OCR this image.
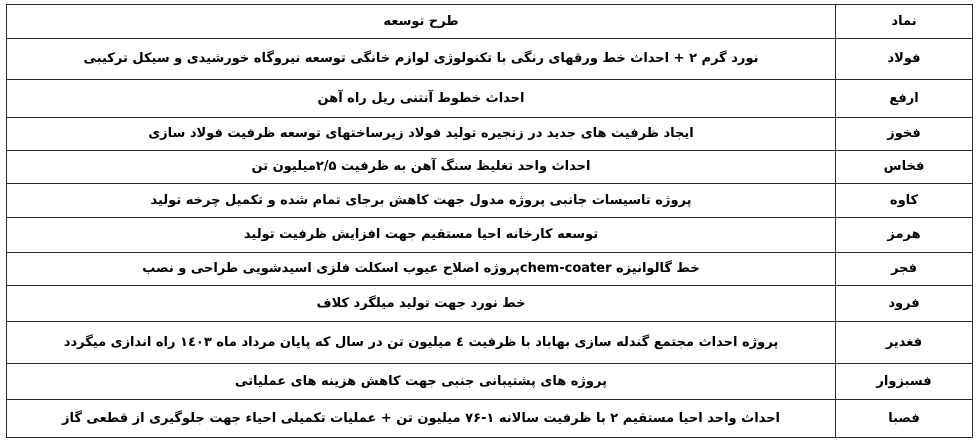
نماد	طرح توسعه
فولاد	نورد گرم ۲ + احداث خط ورقهای رنگی با تکنولوژی لوازم خانگی توسعه نیروگاه خورشیدی و سیکل ترکیبی
ارفع	احداث خطوط آنتنی ریل راه آهن
فخوز	ایجاد ظرفیت های جدید در زنجیره تولید فولاد زیرساختهای توسعه ظرفیت فولاد سازی
فخاس	احداث واحد تغلیظ سنگ آهن به ظرفیت ۲/۵میلیون تن
کاوه	پروژه تاسیسات جانبی پروژه مدول جهت کاهش برجای تمام شده و تکمیل چرخه تولید
هرمز	توسعه کارخانه احیا مستقیم جهت افزایش ظرفیت تولید
فجر	خط گالوانیزه chem-coaterپروژه اصلاح عیوب اسکلت فلزی اسیدشویی طراحی و نصب
فرود	خط نورد جهت تولید میلگرد کلاف
فغدیر	پروژه احداث مجتمع گندله سازی بهاباد با ظرفیت ٤ میلیون تن در سال که پایان مرداد ماه ۱٤۰۳ راه اندازی میگردد
فسبزوار	پروژه های پشتیبانی جنبی جهت کاهش هزینه های عملیاتی
فصبا	احداث واحد احیا مستقیم ۲ با ظرفیت سالانه ۱-۷۶ میلیون تن + عملیات تکمیلی احیاء جهت جلوگیری از قطعی گاز
